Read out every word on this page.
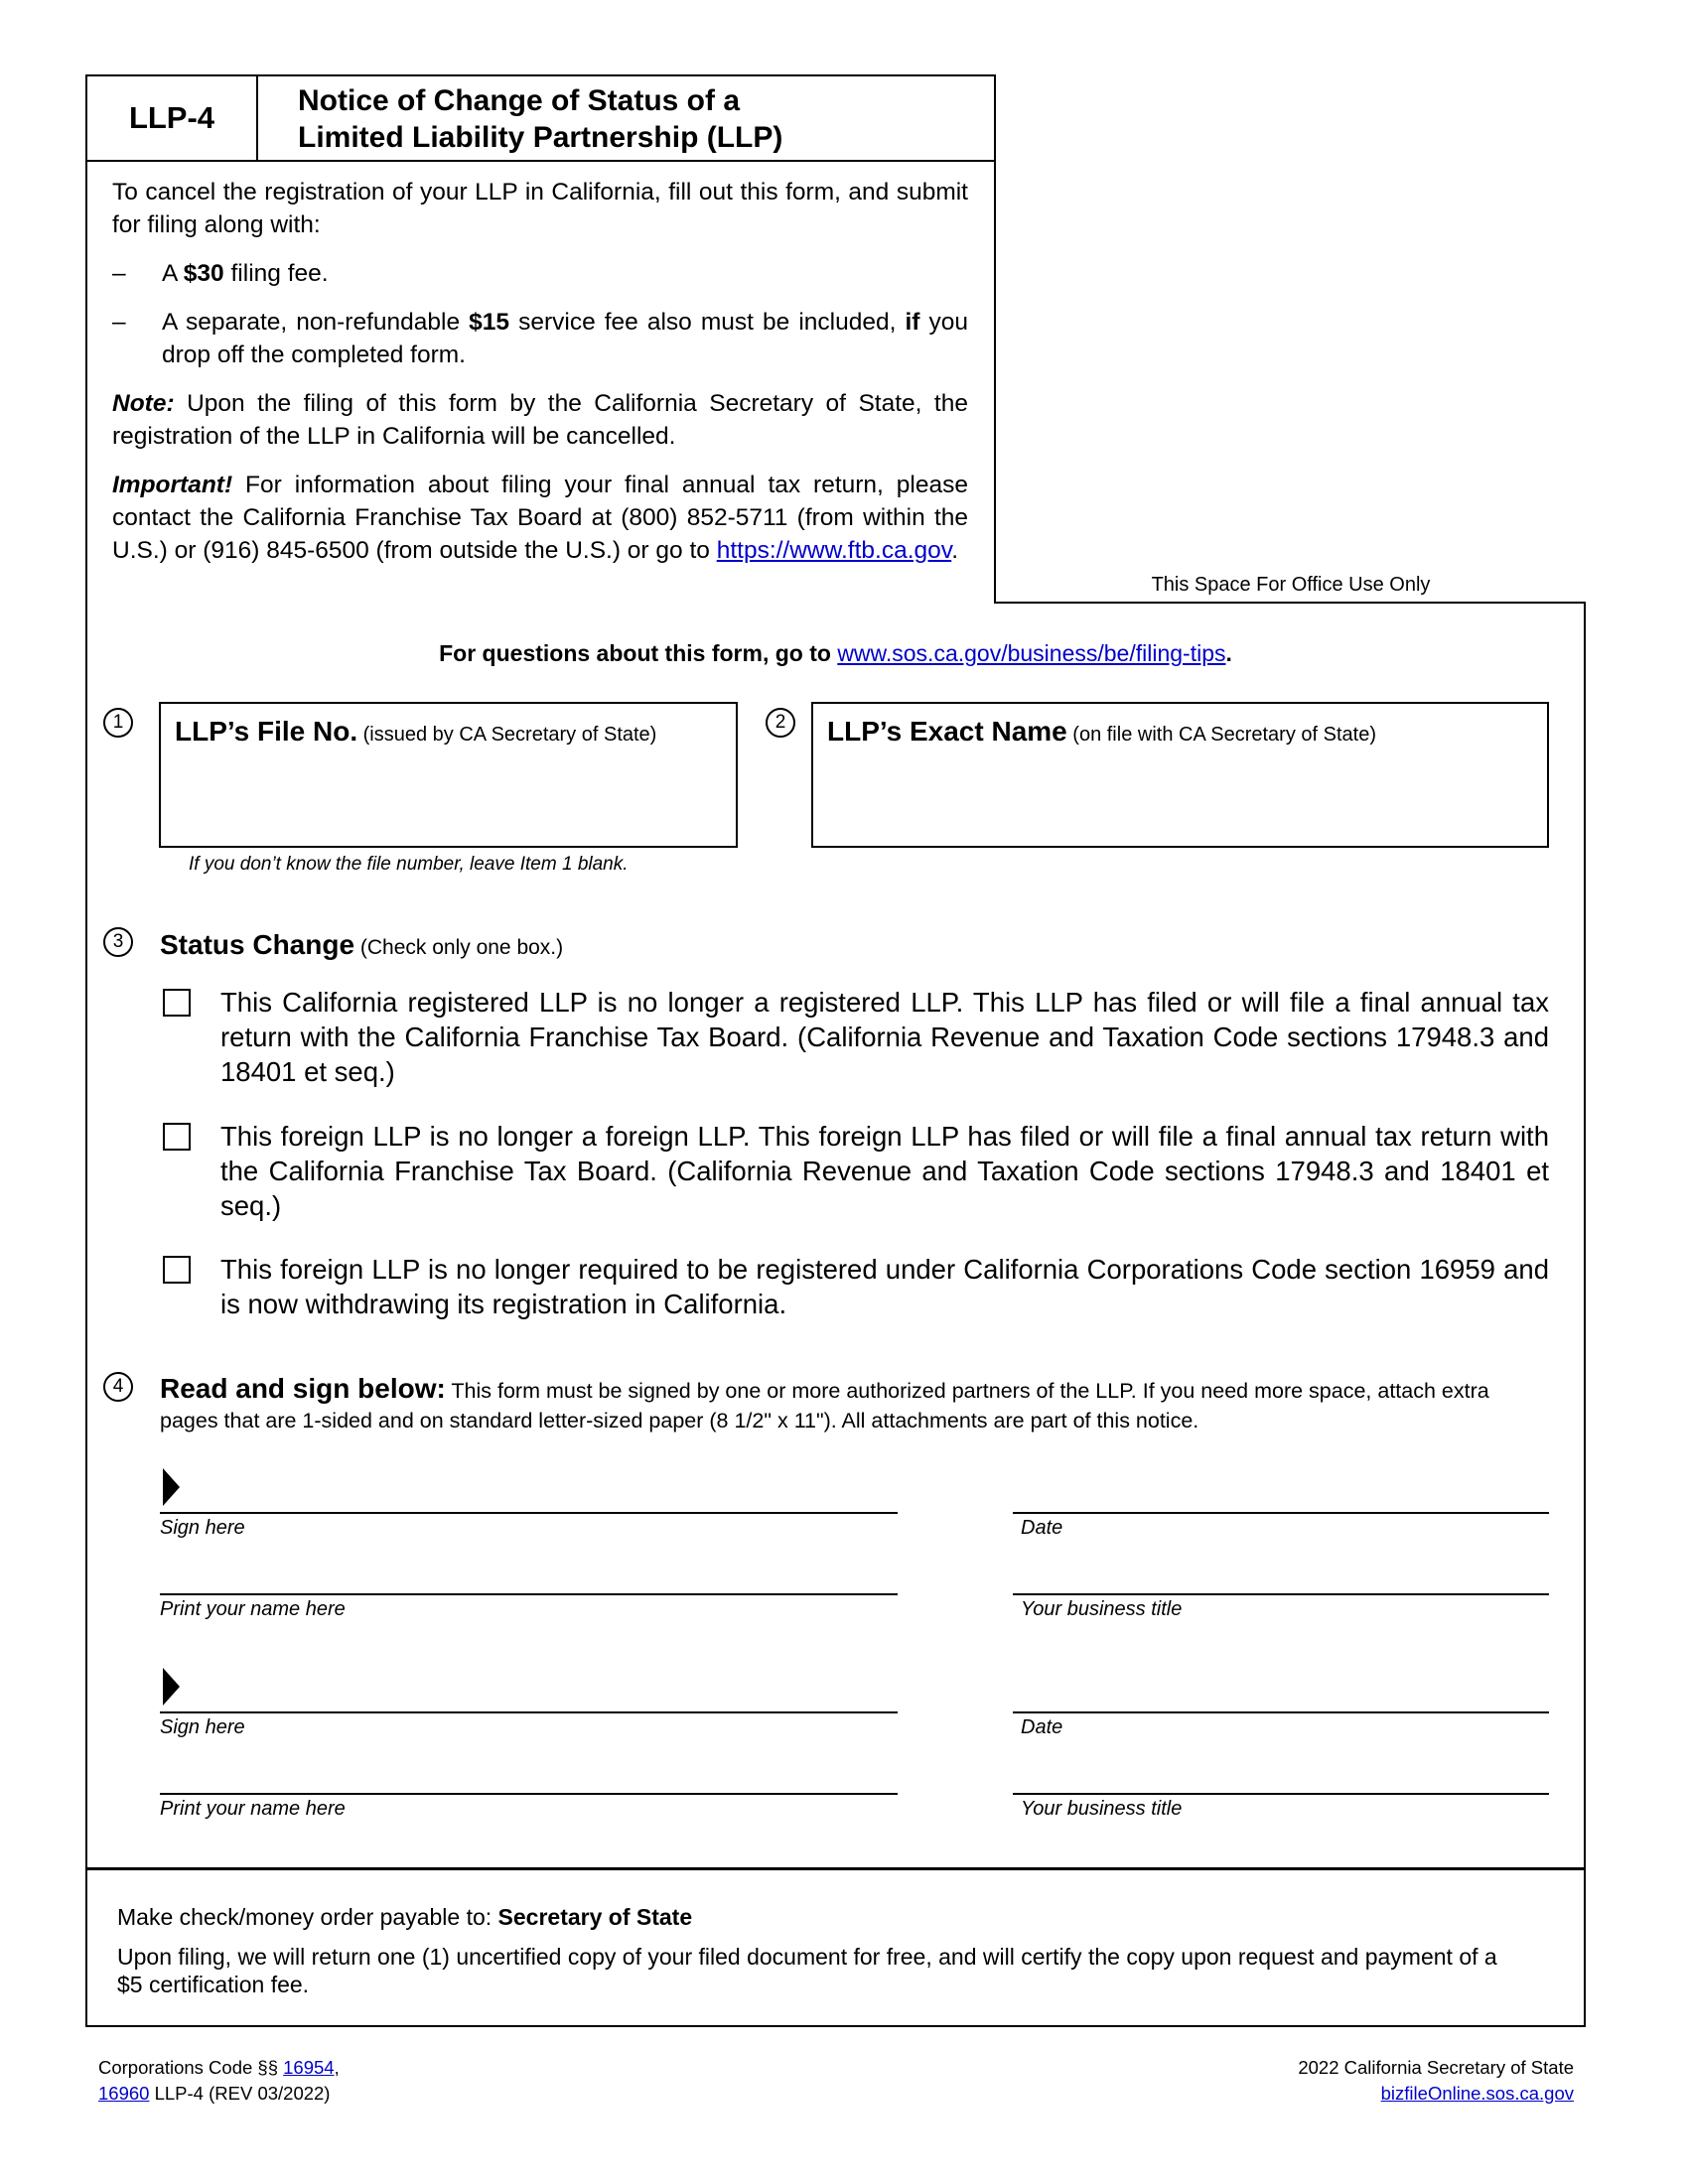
LLP-4	Notice of Change of Status of a
Limited Liability Partnership (LLP)

To cancel the registration of your LLP in California, fill out this form, and submit for filing along with:

–	A $30 filing fee.

–	A separate, non-refundable $15 service fee also must be included, if you drop off the completed form.

Note: Upon the filing of this form by the California Secretary of State, the registration of the LLP in California will be cancelled.

Important! For information about filing your final annual tax return, please contact the California Franchise Tax Board at (800) 852-5711 (from within the U.S.) or (916) 845-6500 (from outside the U.S.) or go to https://www.ftb.ca.gov.

This Space For Office Use Only
For questions about this form, go to www.sos.ca.gov/business/be/filing-tips.
1	LLP’s File No. (issued by CA Secretary of State)
If you don’t know the file number, leave Item 1 blank.
2	LLP’s Exact Name (on file with CA Secretary of State)
3	Status Change (Check only one box.)
This California registered LLP is no longer a registered LLP. This LLP has filed or will file a final annual tax return with the California Franchise Tax Board. (California Revenue and Taxation Code sections 17948.3 and 18401 et seq.)
This foreign LLP is no longer a foreign LLP. This foreign LLP has filed or will file a final annual tax return with the California Franchise Tax Board. (California Revenue and Taxation Code sections 17948.3 and 18401 et seq.)
This foreign LLP is no longer required to be registered under California Corporations Code section 16959 and is now withdrawing its registration in California.
4	Read and sign below: This form must be signed by one or more authorized partners of the LLP. If you need more space, attach extra pages that are 1-sided and on standard letter-sized paper (8 1/2" x 11"). All attachments are part of this notice.
Sign here	Date
Print your name here	Your business title
Sign here	Date
Print your name here	Your business title
Make check/money order payable to: Secretary of State
Upon filing, we will return one (1) uncertified copy of your filed document for free, and will certify the copy upon request and payment of a $5 certification fee.
Corporations Code §§ 16954,
16960 LLP-4 (REV 03/2022)
2022 California Secretary of State
bizfileOnline.sos.ca.gov
